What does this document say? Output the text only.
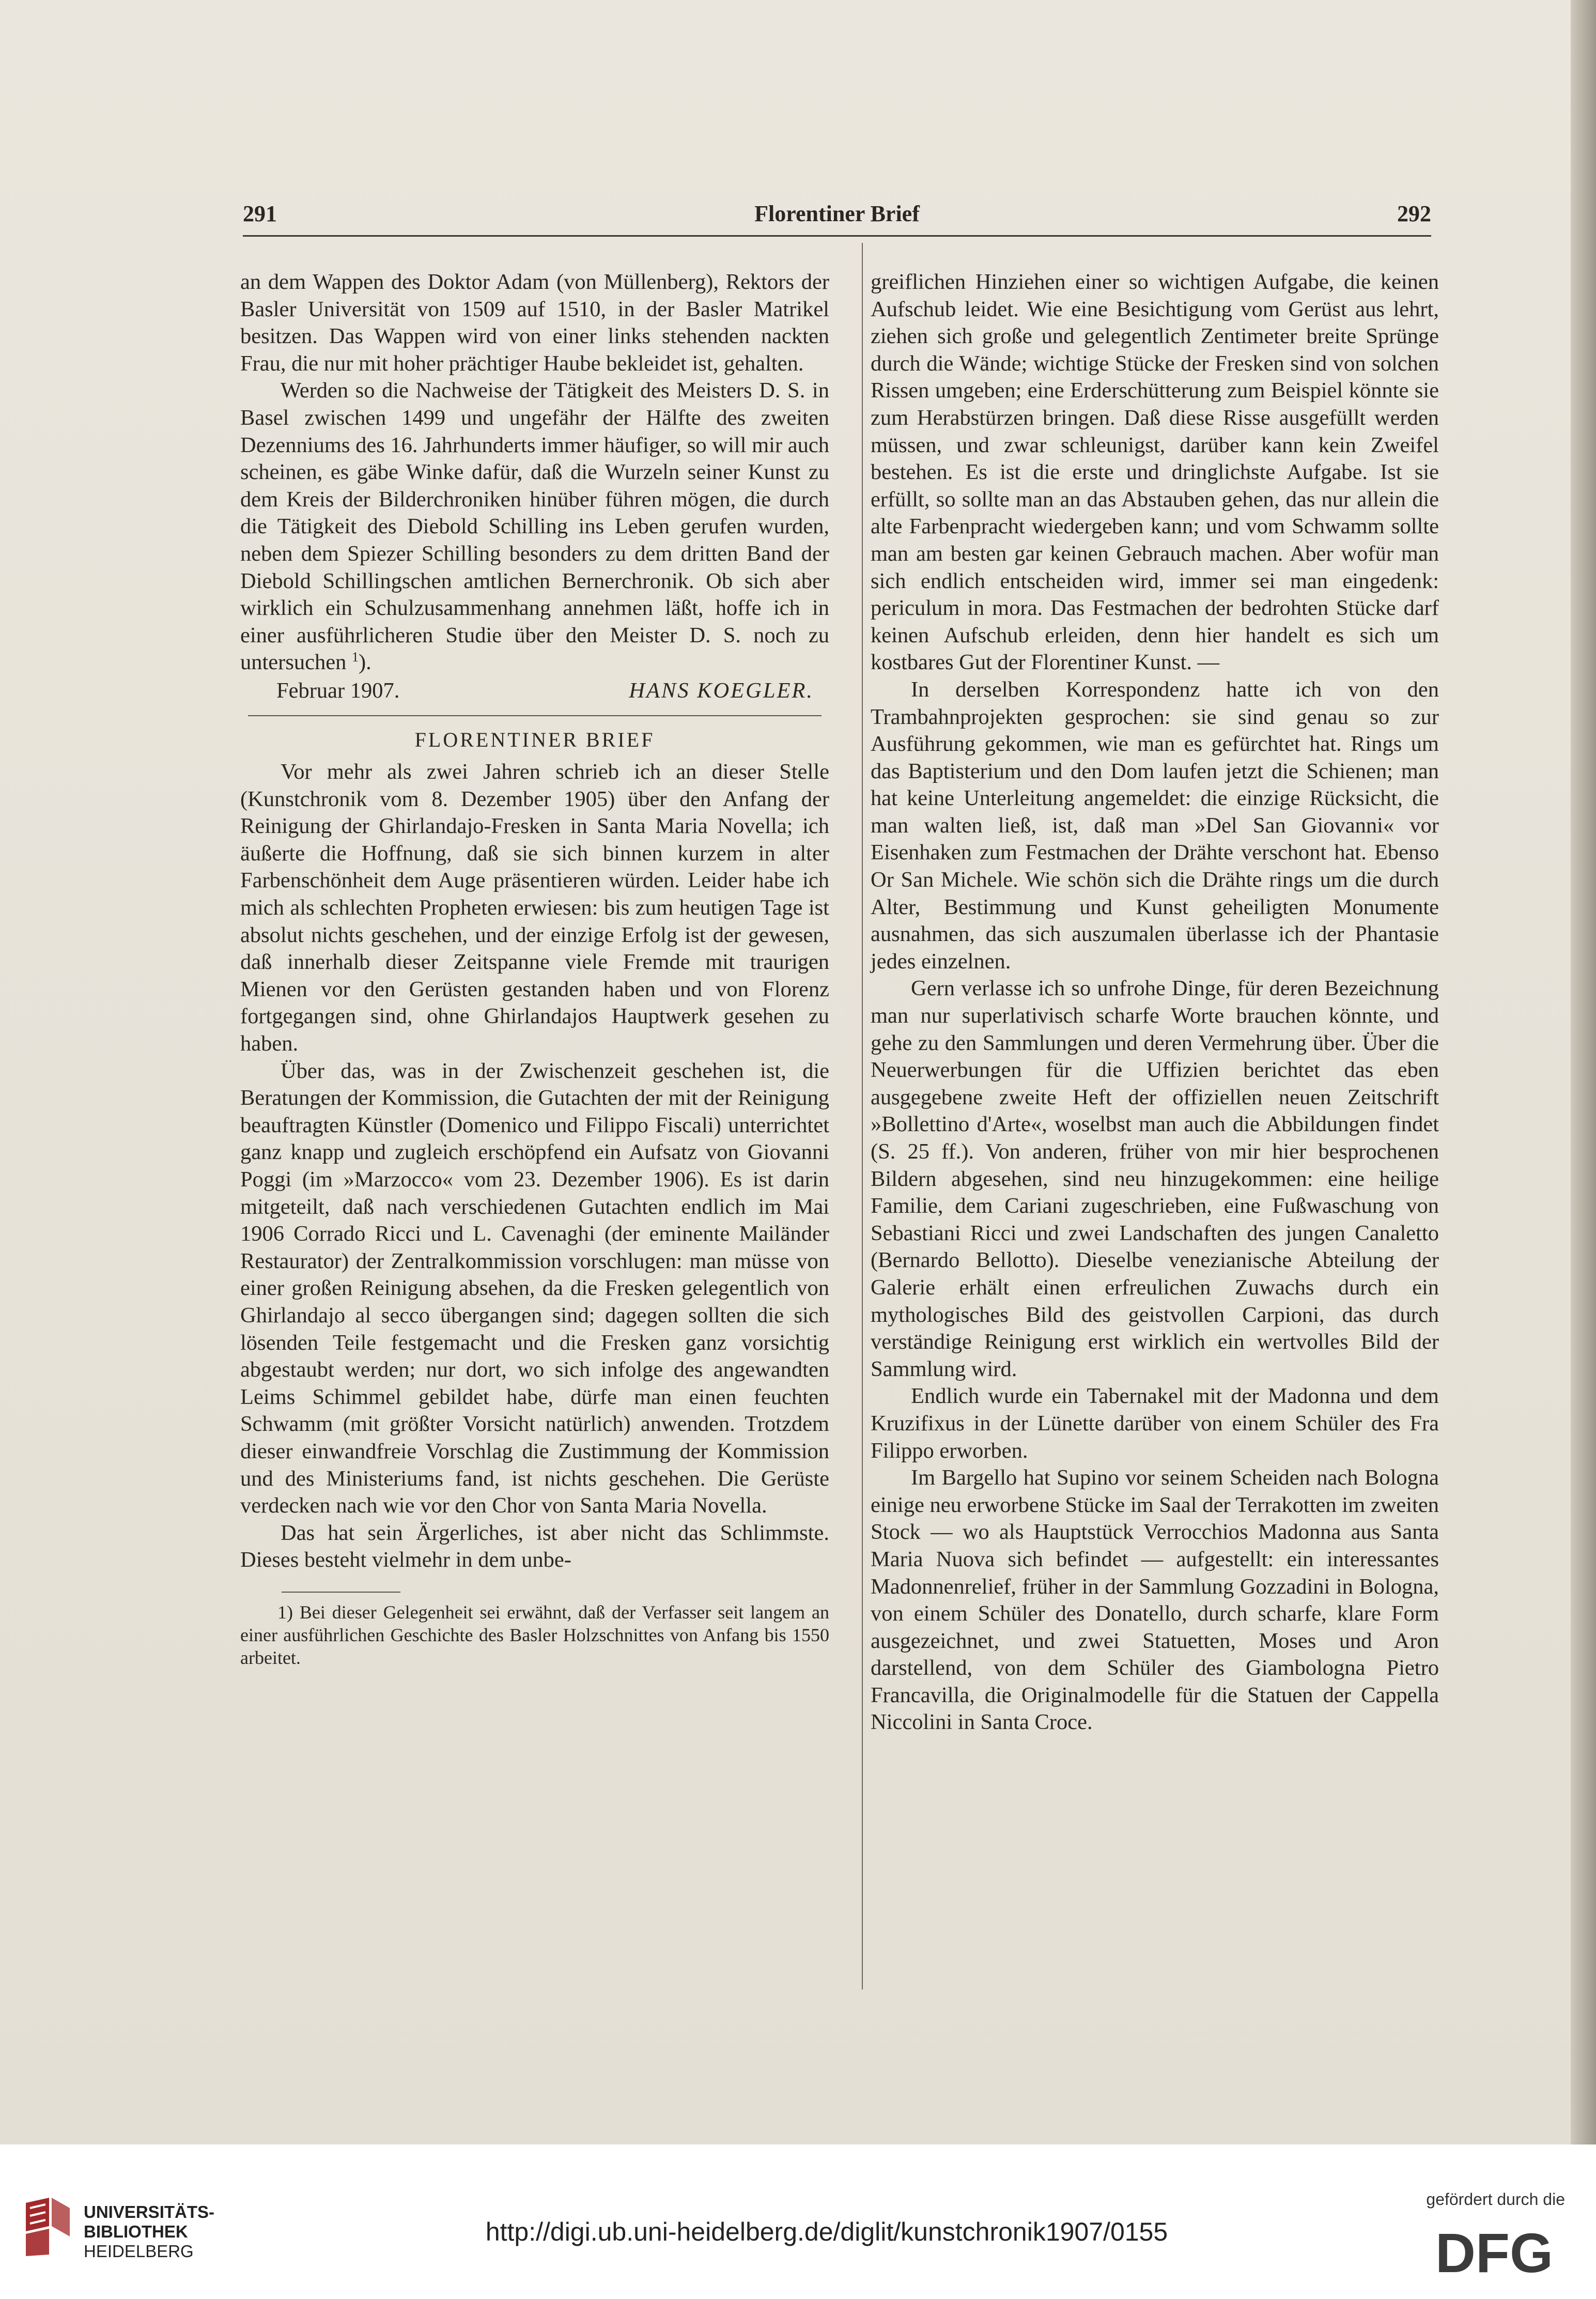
291	Florentiner Brief	292

an dem Wappen des Doktor Adam (von Müllenberg), Rektors der Basler Universität von 1509 auf 1510, in der Basler Matrikel besitzen. Das Wappen wird von einer links stehenden nackten Frau, die nur mit hoher prächtiger Haube bekleidet ist, gehalten.

Werden so die Nachweise der Tätigkeit des Meisters D. S. in Basel zwischen 1499 und ungefähr der Hälfte des zweiten Dezenniums des 16. Jahrhunderts immer häufiger, so will mir auch scheinen, es gäbe Winke dafür, daß die Wurzeln seiner Kunst zu dem Kreis der Bilderchroniken hinüber führen mögen, die durch die Tätigkeit des Diebold Schilling ins Leben gerufen wurden, neben dem Spiezer Schilling besonders zu dem dritten Band der Diebold Schillingschen amtlichen Bernerchronik. Ob sich aber wirklich ein Schulzusammenhang annehmen läßt, hoffe ich in einer ausführlicheren Studie über den Meister D. S. noch zu untersuchen $^1$).

Februar 1907.	HANS KOEGLER.
FLORENTINER BRIEF

Vor mehr als zwei Jahren schrieb ich an dieser Stelle (Kunstchronik vom 8. Dezember 1905) über den Anfang der Reinigung der Ghirlandajo-Fresken in Santa Maria Novella; ich äußerte die Hoffnung, daß sie sich binnen kurzem in alter Farbenschönheit dem Auge präsentieren würden. Leider habe ich mich als schlechten Propheten erwiesen: bis zum heutigen Tage ist absolut nichts geschehen, und der einzige Erfolg ist der gewesen, daß innerhalb dieser Zeitspanne viele Fremde mit traurigen Mienen vor den Gerüsten gestanden haben und von Florenz fortgegangen sind, ohne Ghirlandajos Hauptwerk gesehen zu haben.

Über das, was in der Zwischenzeit geschehen ist, die Beratungen der Kommission, die Gutachten der mit der Reinigung beauftragten Künstler (Domenico und Filippo Fiscali) unterrichtet ganz knapp und zugleich erschöpfend ein Aufsatz von Giovanni Poggi (im »Marzocco« vom 23. Dezember 1906). Es ist darin mitgeteilt, daß nach verschiedenen Gutachten endlich im Mai 1906 Corrado Ricci und L. Cavenaghi (der eminente Mailänder Restaurator) der Zentralkommission vorschlugen: man müsse von einer großen Reinigung absehen, da die Fresken gelegentlich von Ghirlandajo al secco übergangen sind; dagegen sollten die sich lösenden Teile festgemacht und die Fresken ganz vorsichtig abgestaubt werden; nur dort, wo sich infolge des angewandten Leims Schimmel gebildet habe, dürfe man einen feuchten Schwamm (mit größter Vorsicht natürlich) anwenden. Trotzdem dieser einwandfreie Vorschlag die Zustimmung der Kommission und des Ministeriums fand, ist nichts geschehen. Die Gerüste verdecken nach wie vor den Chor von Santa Maria Novella.

Das hat sein Ärgerliches, ist aber nicht das Schlimmste. Dieses besteht vielmehr in dem unbe-

1) Bei dieser Gelegenheit sei erwähnt, daß der Verfasser seit langem an einer ausführlichen Geschichte des Basler Holzschnittes von Anfang bis 1550 arbeitet.

greiflichen Hinziehen einer so wichtigen Aufgabe, die keinen Aufschub leidet. Wie eine Besichtigung vom Gerüst aus lehrt, ziehen sich große und gelegentlich Zentimeter breite Sprünge durch die Wände; wichtige Stücke der Fresken sind von solchen Rissen umgeben; eine Erderschütterung zum Beispiel könnte sie zum Herabstürzen bringen. Daß diese Risse ausgefüllt werden müssen, und zwar schleunigst, darüber kann kein Zweifel bestehen. Es ist die erste und dringlichste Aufgabe. Ist sie erfüllt, so sollte man an das Abstauben gehen, das nur allein die alte Farbenpracht wiedergeben kann; und vom Schwamm sollte man am besten gar keinen Gebrauch machen. Aber wofür man sich endlich entscheiden wird, immer sei man eingedenk: periculum in mora. Das Festmachen der bedrohten Stücke darf keinen Aufschub erleiden, denn hier handelt es sich um kostbares Gut der Florentiner Kunst. —

In derselben Korrespondenz hatte ich von den Trambahnprojekten gesprochen: sie sind genau so zur Ausführung gekommen, wie man es gefürchtet hat. Rings um das Baptisterium und den Dom laufen jetzt die Schienen; man hat keine Unterleitung angemeldet: die einzige Rücksicht, die man walten ließ, ist, daß man »Del San Giovanni« vor Eisenhaken zum Festmachen der Drähte verschont hat. Ebenso Or San Michele. Wie schön sich die Drähte rings um die durch Alter, Bestimmung und Kunst geheiligten Monumente ausnahmen, das sich auszumalen überlasse ich der Phantasie jedes einzelnen.

Gern verlasse ich so unfrohe Dinge, für deren Bezeichnung man nur superlativisch scharfe Worte brauchen könnte, und gehe zu den Sammlungen und deren Vermehrung über. Über die Neuerwerbungen für die Uffizien berichtet das eben ausgegebene zweite Heft der offiziellen neuen Zeitschrift »Bollettino d'Arte«, woselbst man auch die Abbildungen findet (S. 25 ff.). Von anderen, früher von mir hier besprochenen Bildern abgesehen, sind neu hinzugekommen: eine heilige Familie, dem Cariani zugeschrieben, eine Fußwaschung von Sebastiani Ricci und zwei Landschaften des jungen Canaletto (Bernardo Bellotto). Dieselbe venezianische Abteilung der Galerie erhält einen erfreulichen Zuwachs durch ein mythologisches Bild des geistvollen Carpioni, das durch verständige Reinigung erst wirklich ein wertvolles Bild der Sammlung wird.

Endlich wurde ein Tabernakel mit der Madonna und dem Kruzifixus in der Lünette darüber von einem Schüler des Fra Filippo erworben.

Im Bargello hat Supino vor seinem Scheiden nach Bologna einige neu erworbene Stücke im Saal der Terrakotten im zweiten Stock — wo als Hauptstück Verrocchios Madonna aus Santa Maria Nuova sich befindet — aufgestellt: ein interessantes Madonnenrelief, früher in der Sammlung Gozzadini in Bologna, von einem Schüler des Donatello, durch scharfe, klare Form ausgezeichnet, und zwei Statuetten, Moses und Aron darstellend, von dem Schüler des Giambologna Pietro Francavilla, die Originalmodelle für die Statuen der Cappella Niccolini in Santa Croce.

UNIVERSITÄTS-
BIBLIOTHEK
HEIDELBERG
http://digi.ub.uni-heidelberg.de/diglit/kunstchronik1907/0155
gefördert durch die
DFG
